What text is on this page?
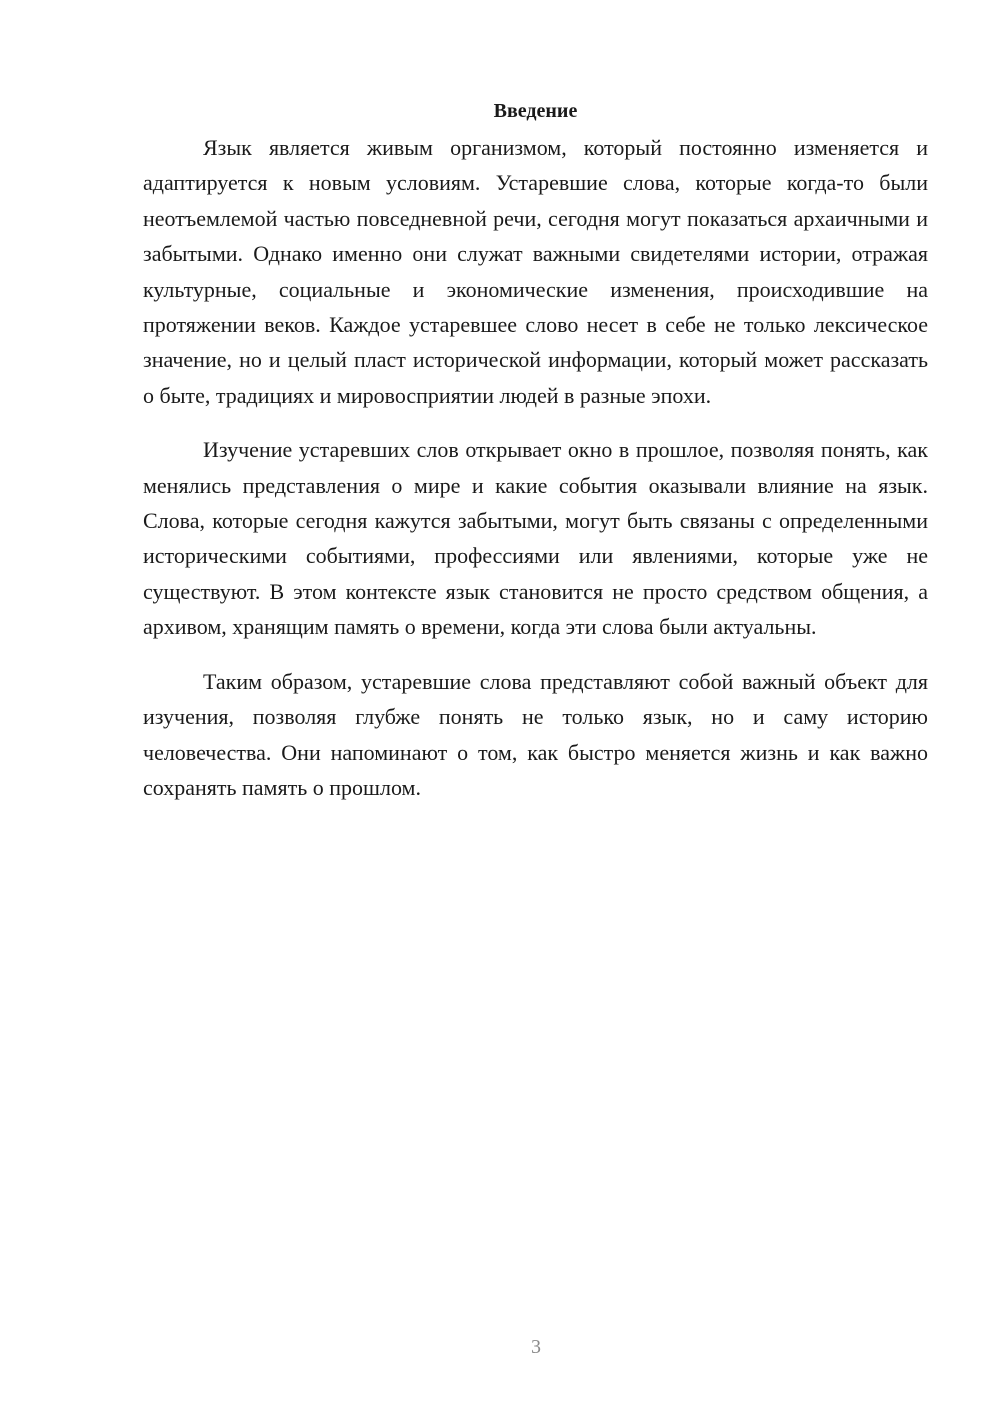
Введение

Язык является живым организмом, который постоянно изменяется и адаптируется к новым условиям. Устаревшие слова, которые когда-то были неотъемлемой частью повседневной речи, сегодня могут показаться архаичными и забытыми. Однако именно они служат важными свидетелями истории, отражая культурные, социальные и экономические изменения, происходившие на протяжении веков. Каждое устаревшее слово несет в себе не только лексическое значение, но и целый пласт исторической информации, который может рассказать о быте, традициях и мировосприятии людей в разные эпохи.

Изучение устаревших слов открывает окно в прошлое, позволяя понять, как менялись представления о мире и какие события оказывали влияние на язык. Слова, которые сегодня кажутся забытыми, могут быть связаны с определенными историческими событиями, профессиями или явлениями, которые уже не существуют. В этом контексте язык становится не просто средством общения, а архивом, хранящим память о времени, когда эти слова были актуальны.

Таким образом, устаревшие слова представляют собой важный объект для изучения, позволяя глубже понять не только язык, но и саму историю человечества. Они напоминают о том, как быстро меняется жизнь и как важно сохранять память о прошлом.

3
